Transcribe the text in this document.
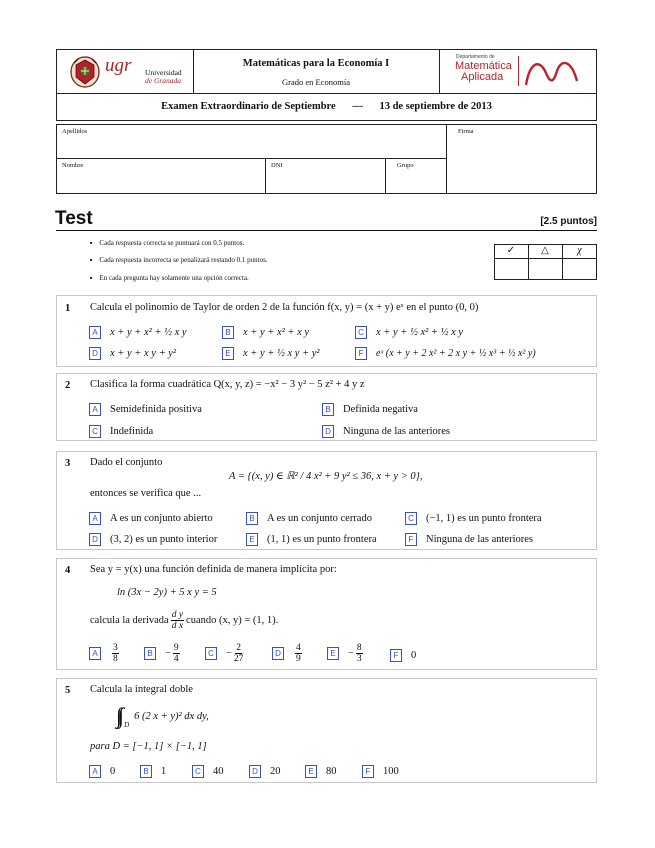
ugr Universidad
de Granada
Matemáticas para la Economía I
Grado en Economía
Departamento de
Matemática
Aplicada
Examen Extraordinario de Septiembre — 13 de septiembre de 2013
Apellidos	Firma
Nombre	DNI	Grupo
Test	[2.5 puntos]
■ Cada respuesta correcta se puntuará con 0.5 puntos.
■ Cada respuesta incorrecta se penalizará restando 0.1 puntos.
■ En cada pregunta hay solamente una opción correcta.
✓	△	χ
1 Calcula el polinomio de Taylor de orden 2 de la función f(x, y) = (x + y) eˣ en el punto (0, 0)
A	x + y + x² + ½ x y	B	x + y + x² + x y	C x + y + ½ x² + ½ x y
D x + y + x y + y²	E	x + y + ½ x y + y²	F	eˣ (x + y + 2 x² + 2 x y + ½ x³ + ½ x² y)
2 Clasifica la forma cuadrática Q(x, y, z) = −x² − 3 y² − 5 z² + 4 y z
A	Semidefinida positiva	B	Definida negativa
C Indefinida	D Ninguna de las anteriores
3 Dado el conjunto
A = {(x, y) ∈ ℝ² / 4 x² + 9 y² ≤ 36, x + y > 0},
entonces se verifica que ...
A	A es un conjunto abierto	B	A es un conjunto cerrado	C (−1, 1) es un punto frontera
D (3, 2) es un punto interior	E	(1, 1) es un punto frontera	F	Ninguna de las anteriores
4 Sea y = y(x) una función definida de manera implícita por:
ln (3x − 2y) + 5 x y = 5
calcula la derivada $\frac{\text{d y}}{\text{d x}}$ cuando (x, y) = (1, 1).
A	$\frac{3}{8}$	B	− $\frac{9}{4}$	$C - \frac{2}{27}$	D	$\frac{4}{9}$	E	− $\frac{8}{3}$	F	0
5 Calcula la integral doble
∫∫ D
6 (2 x + y)² dx dy,
para D = [−1, 1] × [−1, 1]
A	0	B	1	C 40	D 20	E	80	F	100
